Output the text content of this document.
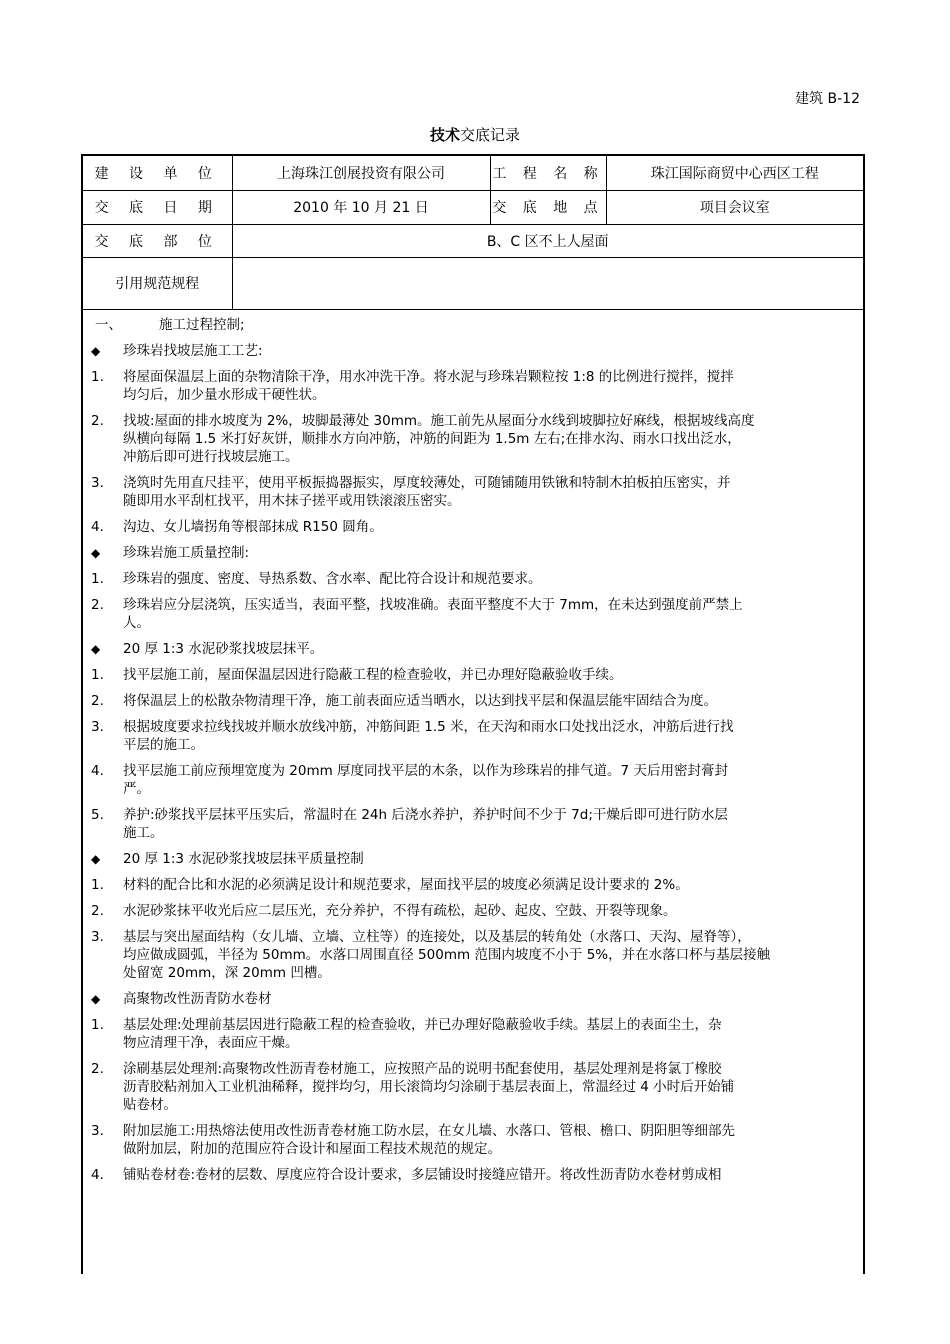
建筑 B-12
技术交底记录
建 设 单 位	上海珠江创展投资有限公司	工 程 名 称	珠江国际商贸中心西区工程
交 底 日 期	2010 年 10 月 21 日	交 底 地 点	项目会议室
交 底 部 位	B、C 区不上人屋面		
引用规范规程			
一、	施工过程控制;
◆ 珍珠岩找坡层施工工艺:
1. 将屋面保温层上面的杂物清除干净，用水冲洗干净。将水泥与珍珠岩颗粒按 1:8 的比例进行搅拌，搅拌
均匀后，加少量水形成干硬性状。
2. 找坡:屋面的排水坡度为 2%，坡脚最薄处 30mm。施工前先从屋面分水线到坡脚拉好麻线，根据坡线高度
纵横向每隔 1.5 米打好灰饼，顺排水方向冲筋，冲筋的间距为 1.5m 左右;在排水沟、雨水口找出泛水，
冲筋后即可进行找坡层施工。
3. 浇筑时先用直尺挂平，使用平板振捣器振实，厚度较薄处，可随铺随用铁锹和特制木拍板拍压密实，并
随即用水平刮杠找平，用木抹子搓平或用铁滚滚压密实。
4. 沟边、女儿墙拐角等根部抹成 R150 圆角。
◆ 珍珠岩施工质量控制:
1. 珍珠岩的强度、密度、导热系数、含水率、配比符合设计和规范要求。
2. 珍珠岩应分层浇筑，压实适当，表面平整，找坡准确。表面平整度不大于 7mm，在未达到强度前严禁上
人。
◆ 20 厚 1:3 水泥砂浆找坡层抹平。
1. 找平层施工前，屋面保温层因进行隐蔽工程的检查验收，并已办理好隐蔽验收手续。
2. 将保温层上的松散杂物清理干净，施工前表面应适当晒水，以达到找平层和保温层能牢固结合为度。
3. 根据坡度要求拉线找坡并顺水放线冲筋，冲筋间距 1.5 米，在天沟和雨水口处找出泛水，冲筋后进行找
平层的施工。
4. 找平层施工前应预埋宽度为 20mm 厚度同找平层的木条，以作为珍珠岩的排气道。7 天后用密封膏封
严。
5. 养护:砂浆找平层抹平压实后，常温时在 24h 后浇水养护，养护时间不少于 7d;干燥后即可进行防水层
施工。
◆ 20 厚 1:3 水泥砂浆找坡层抹平质量控制
1. 材料的配合比和水泥的必须满足设计和规范要求，屋面找平层的坡度必须满足设计要求的 2%。
2. 水泥砂浆抹平收光后应二层压光，充分养护，不得有疏松，起砂、起皮、空鼓、开裂等现象。
3. 基层与突出屋面结构（女儿墙、立墙、立柱等）的连接处，以及基层的转角处（水落口、天沟、屋脊等），
均应做成圆弧，半径为 50mm。水落口周围直径 500mm 范围内坡度不小于 5%，并在水落口杯与基层接触
处留宽 20mm，深 20mm 凹槽。
◆ 高聚物改性沥青防水卷材
1. 基层处理:处理前基层因进行隐蔽工程的检查验收，并已办理好隐蔽验收手续。基层上的表面尘土，杂
物应清理干净，表面应干燥。
2. 涂刷基层处理剂:高聚物改性沥青卷材施工，应按照产品的说明书配套使用，基层处理剂是将氯丁橡胶
沥青胶粘剂加入工业机油稀释，搅拌均匀，用长滚筒均匀涂刷于基层表面上，常温经过 4 小时后开始铺
贴卷材。
3. 附加层施工:用热熔法使用改性沥青卷材施工防水层，在女儿墙、水落口、管根、檐口、阴阳胆等细部先
做附加层，附加的范围应符合设计和屋面工程技术规范的规定。
4. 铺贴卷材卷:卷材的层数、厚度应符合设计要求，多层铺设时接缝应错开。将改性沥青防水卷材剪成相
